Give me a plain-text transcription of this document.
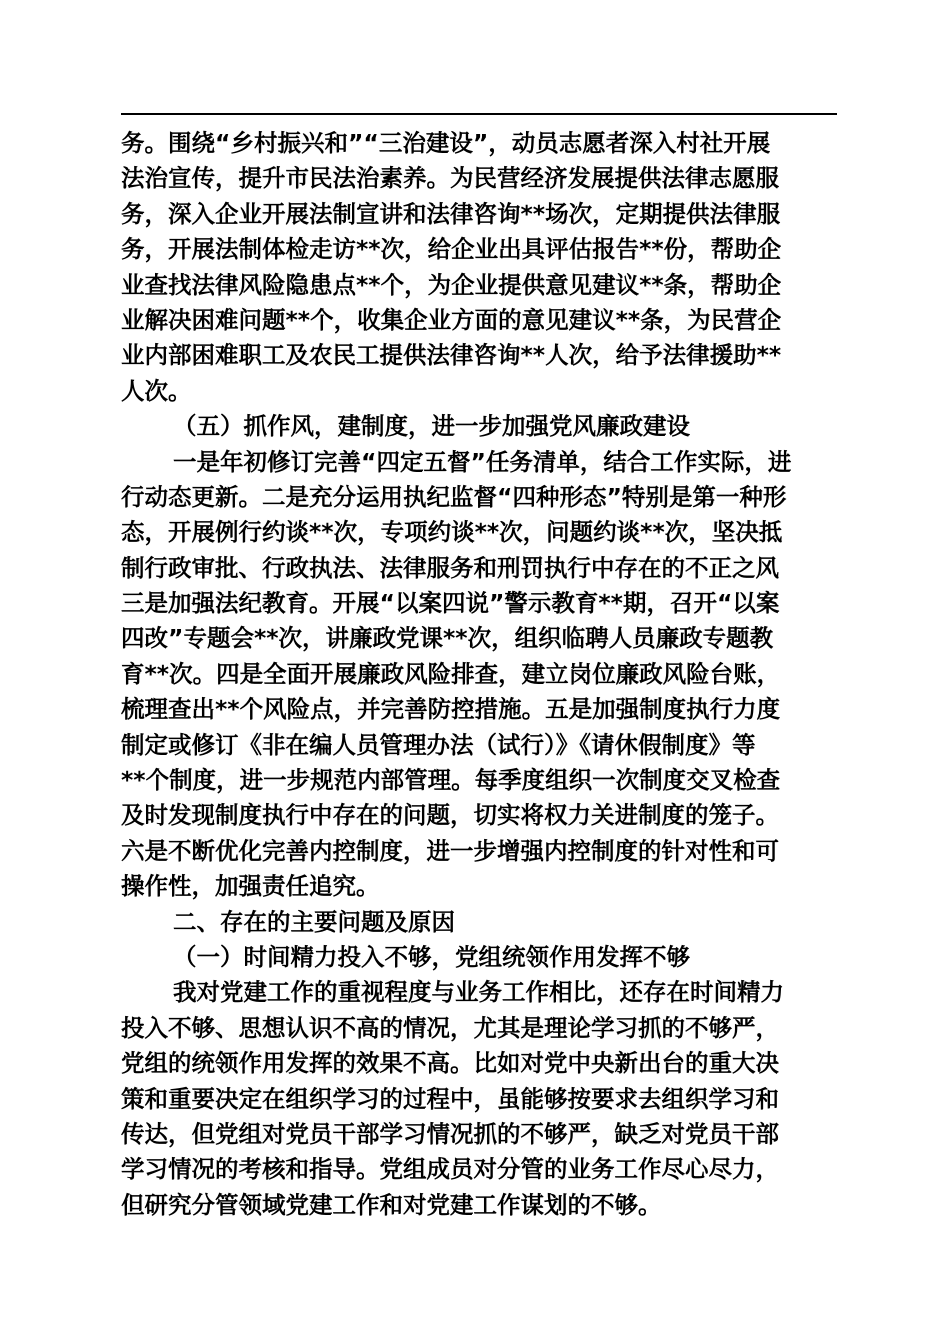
务。围绕“乡村振兴和”“三治建设”，动员志愿者深入村社开展
法治宣传，提升市民法治素养。为民营经济发展提供法律志愿服
务，深入企业开展法制宣讲和法律咨询**场次，定期提供法律服
务，开展法制体检走访**次，给企业出具评估报告**份，帮助企
业查找法律风险隐患点**个，为企业提供意见建议**条，帮助企
业解决困难问题**个，收集企业方面的意见建议**条，为民营企
业内部困难职工及农民工提供法律咨询**人次，给予法律援助**
人次。
（五）抓作风，建制度，进一步加强党风廉政建设
一是年初修订完善“四定五督”任务清单，结合工作实际，进
行动态更新。二是充分运用执纪监督“四种形态”特别是第一种形
态，开展例行约谈**次，专项约谈**次，问题约谈**次，坚决抵
制行政审批、行政执法、法律服务和刑罚执行中存在的不正之风
三是加强法纪教育。开展“以案四说”警示教育**期，召开“以案
四改”专题会**次，讲廉政党课**次，组织临聘人员廉政专题教
育**次。四是全面开展廉政风险排查，建立岗位廉政风险台账，
梳理查出**个风险点，并完善防控措施。五是加强制度执行力度
制定或修订《非在编人员管理办法（试行）》《请休假制度》等
**个制度，进一步规范内部管理。每季度组织一次制度交叉检查
及时发现制度执行中存在的问题，切实将权力关进制度的笼子。
六是不断优化完善内控制度，进一步增强内控制度的针对性和可
操作性，加强责任追究。
二、存在的主要问题及原因
（一）时间精力投入不够，党组统领作用发挥不够
我对党建工作的重视程度与业务工作相比，还存在时间精力
投入不够、思想认识不高的情况，尤其是理论学习抓的不够严，
党组的统领作用发挥的效果不高。比如对党中央新出台的重大决
策和重要决定在组织学习的过程中，虽能够按要求去组织学习和
传达，但党组对党员干部学习情况抓的不够严，缺乏对党员干部
学习情况的考核和指导。党组成员对分管的业务工作尽心尽力，
但研究分管领域党建工作和对党建工作谋划的不够。
